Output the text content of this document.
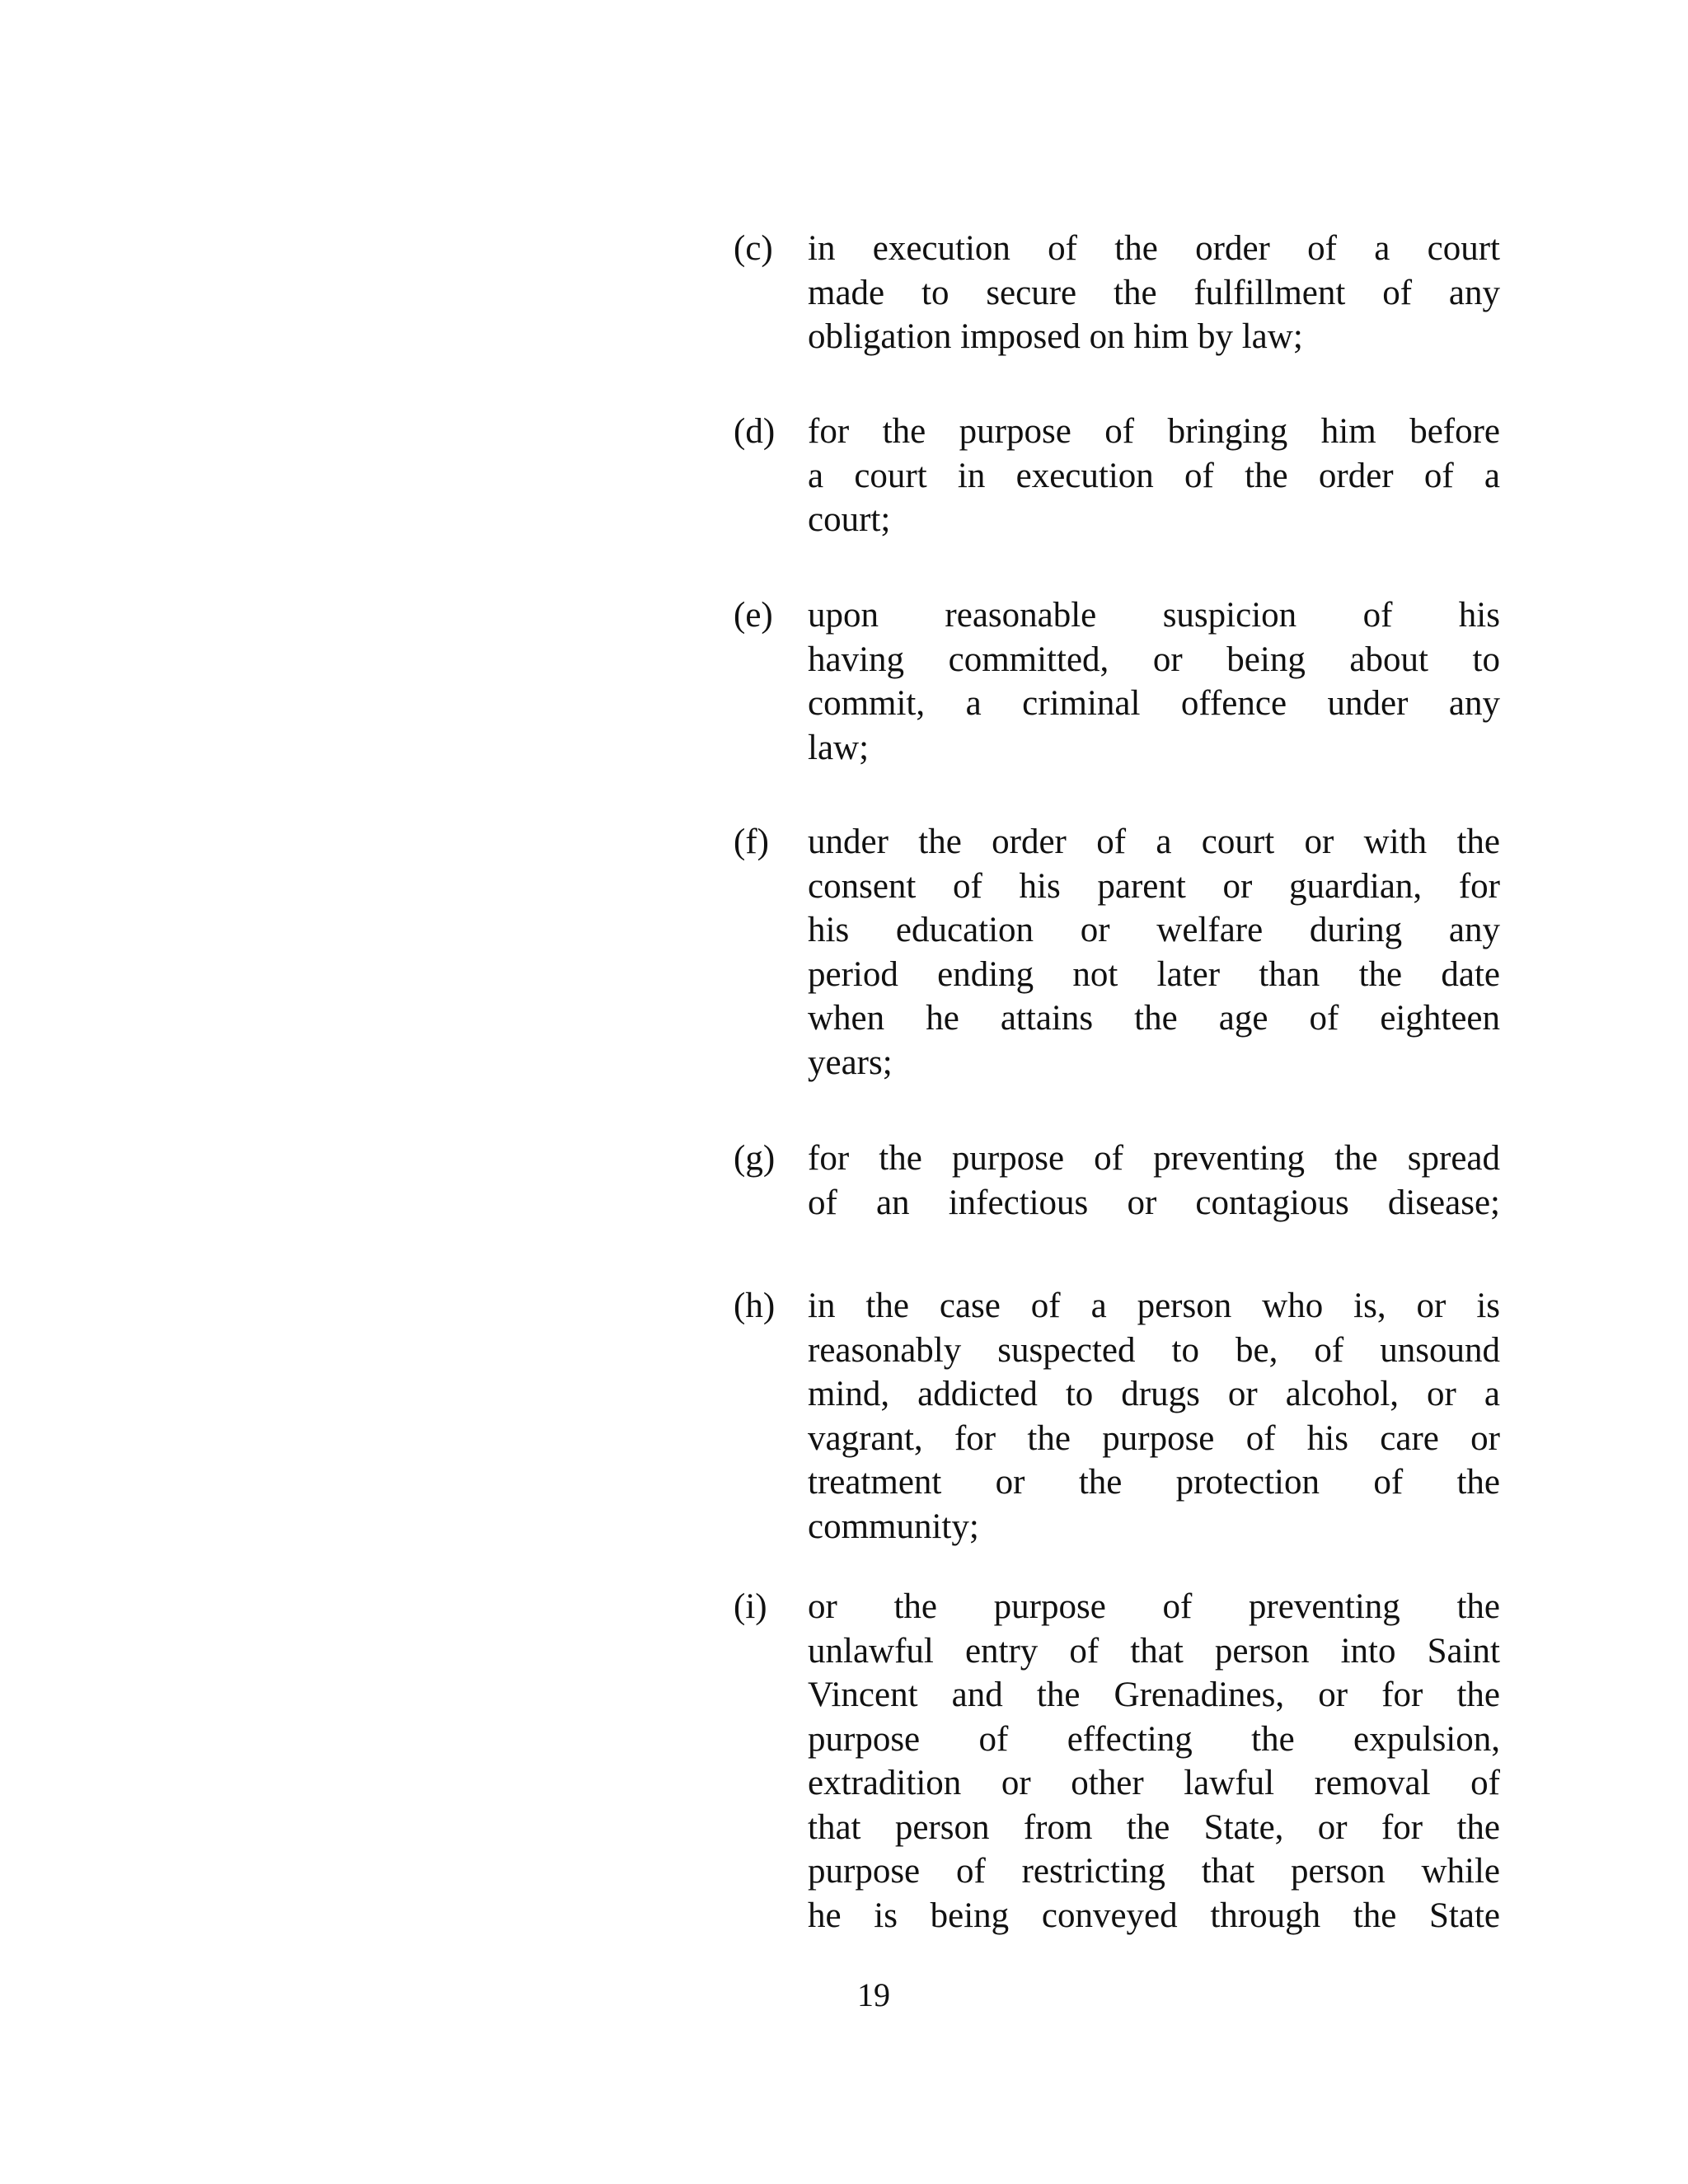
(c) in execution of the order of a court
made to secure the fulfillment of any
obligation imposed on him by law;
(d) for the purpose of bringing him before
a court in execution of the order of a
court;
(e) upon reasonable suspicion of his
having committed, or being about to
commit, a criminal offence under any
law;
(f) under the order of a court or with the
consent of his parent or guardian, for
his education or welfare during any
period ending not later than the date
when he attains the age of eighteen
years;
(g) for the purpose of preventing the spread
of an infectious or contagious disease;
(h) in the case of a person who is, or is
reasonably suspected to be, of unsound
mind, addicted to drugs or alcohol, or a
vagrant, for the purpose of his care or
treatment or the protection of the
community;
(i) or the purpose of preventing the
unlawful entry of that person into Saint
Vincent and the Grenadines, or for the
purpose of effecting the expulsion,
extradition or other lawful removal of
that person from the State, or for the
purpose of restricting that person while
he is being conveyed through the State
19
